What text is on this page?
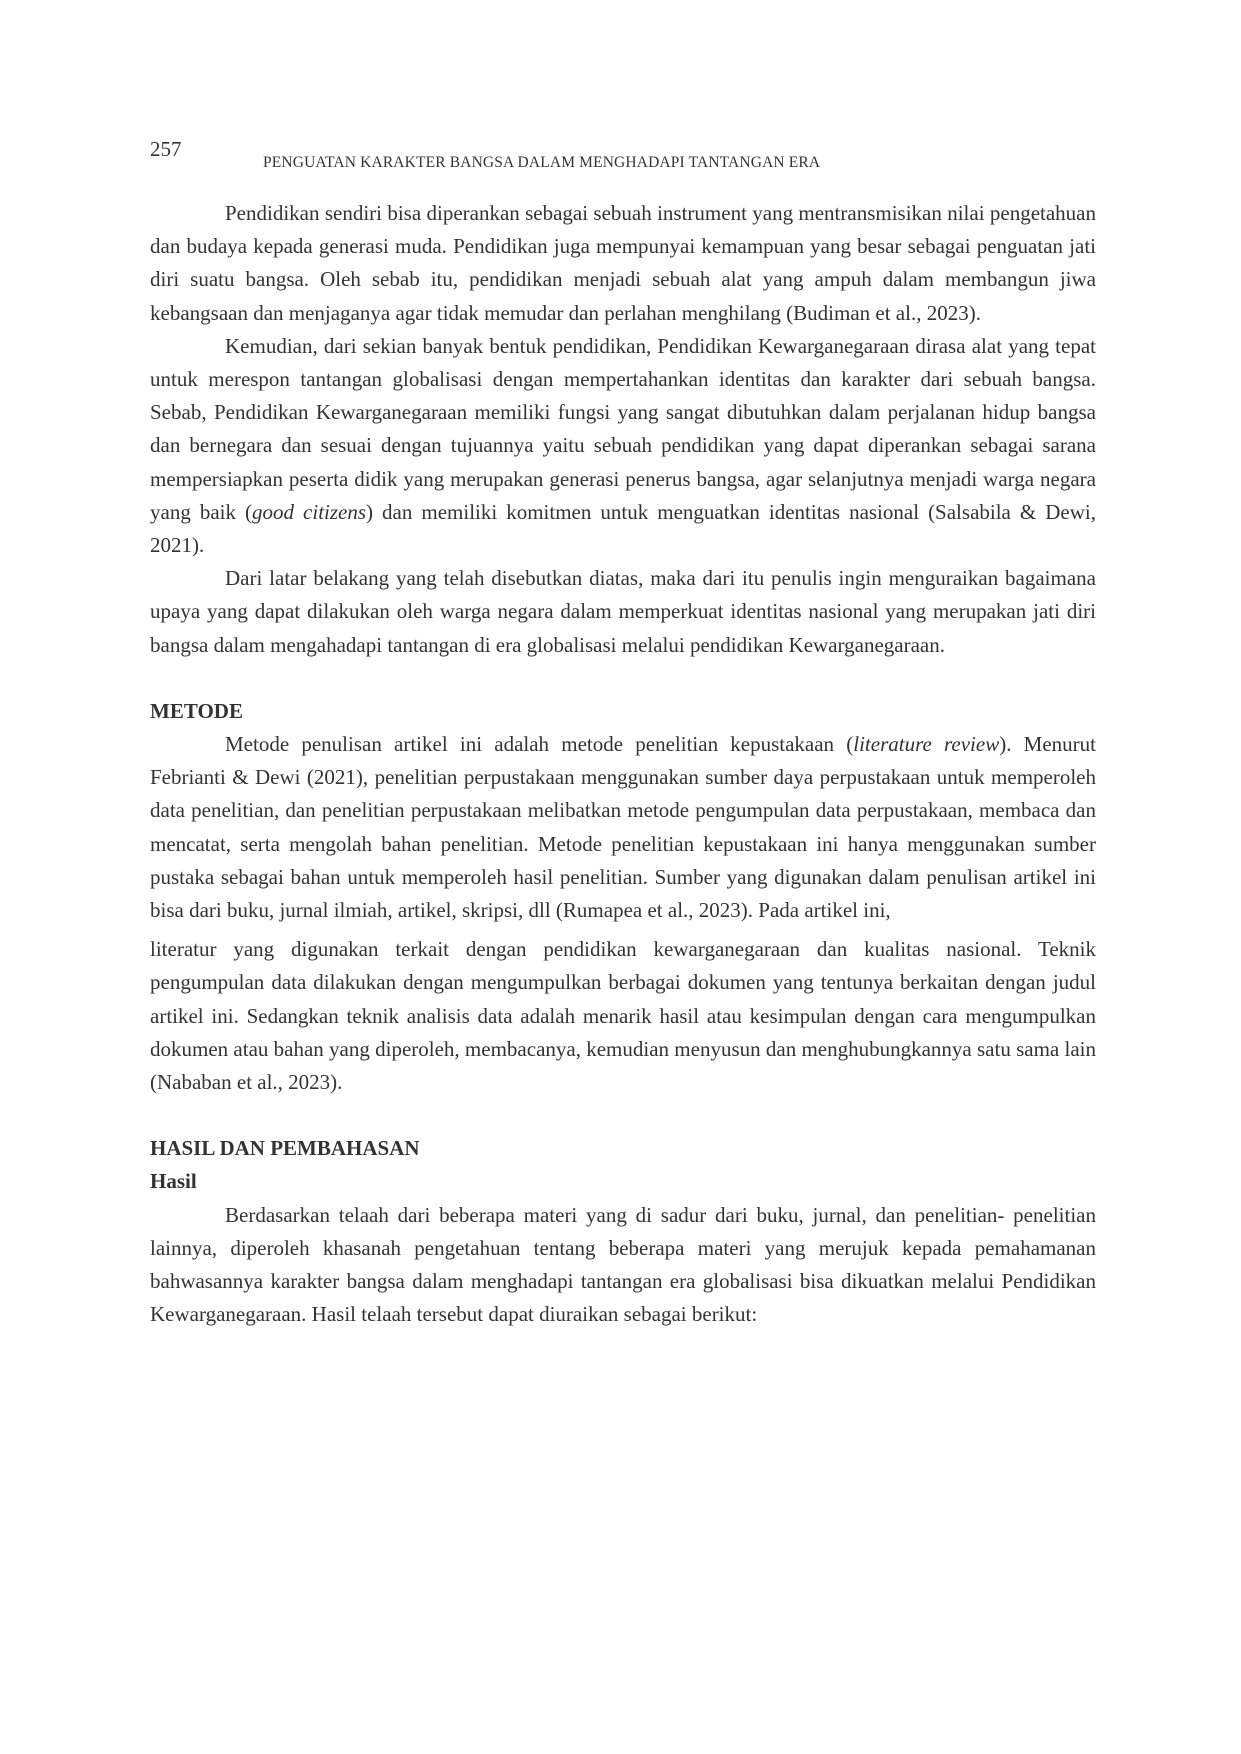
257
PENGUATAN KARAKTER BANGSA DALAM MENGHADAPI TANTANGAN ERA

Pendidikan sendiri bisa diperankan sebagai sebuah instrument yang mentransmisikan nilai pengetahuan dan budaya kepada generasi muda. Pendidikan juga mempunyai kemampuan yang besar sebagai penguatan jati diri suatu bangsa. Oleh sebab itu, pendidikan menjadi sebuah alat yang ampuh dalam membangun jiwa kebangsaan dan menjaganya agar tidak memudar dan perlahan menghilang (Budiman et al., 2023).

Kemudian, dari sekian banyak bentuk pendidikan, Pendidikan Kewarganegaraan dirasa alat yang tepat untuk merespon tantangan globalisasi dengan mempertahankan identitas dan karakter dari sebuah bangsa. Sebab, Pendidikan Kewarganegaraan memiliki fungsi yang sangat dibutuhkan dalam perjalanan hidup bangsa dan bernegara dan sesuai dengan tujuannya yaitu sebuah pendidikan yang dapat diperankan sebagai sarana mempersiapkan peserta didik yang merupakan generasi penerus bangsa, agar selanjutnya menjadi warga negara yang baik (good citizens) dan memiliki komitmen untuk menguatkan identitas nasional (Salsabila & Dewi, 2021).

Dari latar belakang yang telah disebutkan diatas, maka dari itu penulis ingin menguraikan bagaimana upaya yang dapat dilakukan oleh warga negara dalam memperkuat identitas nasional yang merupakan jati diri bangsa dalam mengahadapi tantangan di era globalisasi melalui pendidikan Kewarganegaraan.

METODE

Metode penulisan artikel ini adalah metode penelitian kepustakaan (literature review). Menurut Febrianti & Dewi (2021), penelitian perpustakaan menggunakan sumber daya perpustakaan untuk memperoleh data penelitian, dan penelitian perpustakaan melibatkan metode pengumpulan data perpustakaan, membaca dan mencatat, serta mengolah bahan penelitian. Metode penelitian kepustakaan ini hanya menggunakan sumber pustaka sebagai bahan untuk memperoleh hasil penelitian. Sumber yang digunakan dalam penulisan artikel ini bisa dari buku, jurnal ilmiah, artikel, skripsi, dll (Rumapea et al., 2023). Pada artikel ini,

literatur yang digunakan terkait dengan pendidikan kewarganegaraan dan kualitas nasional. Teknik pengumpulan data dilakukan dengan mengumpulkan berbagai dokumen yang tentunya berkaitan dengan judul artikel ini. Sedangkan teknik analisis data adalah menarik hasil atau kesimpulan dengan cara mengumpulkan dokumen atau bahan yang diperoleh, membacanya, kemudian menyusun dan menghubungkannya satu sama lain (Nababan et al., 2023).

HASIL DAN PEMBAHASAN
Hasil

Berdasarkan telaah dari beberapa materi yang di sadur dari buku, jurnal, dan penelitian- penelitian lainnya, diperoleh khasanah pengetahuan tentang beberapa materi yang merujuk kepada pemahamanan bahwasannya karakter bangsa dalam menghadapi tantangan era globalisasi bisa dikuatkan melalui Pendidikan Kewarganegaraan. Hasil telaah tersebut dapat diuraikan sebagai berikut:
